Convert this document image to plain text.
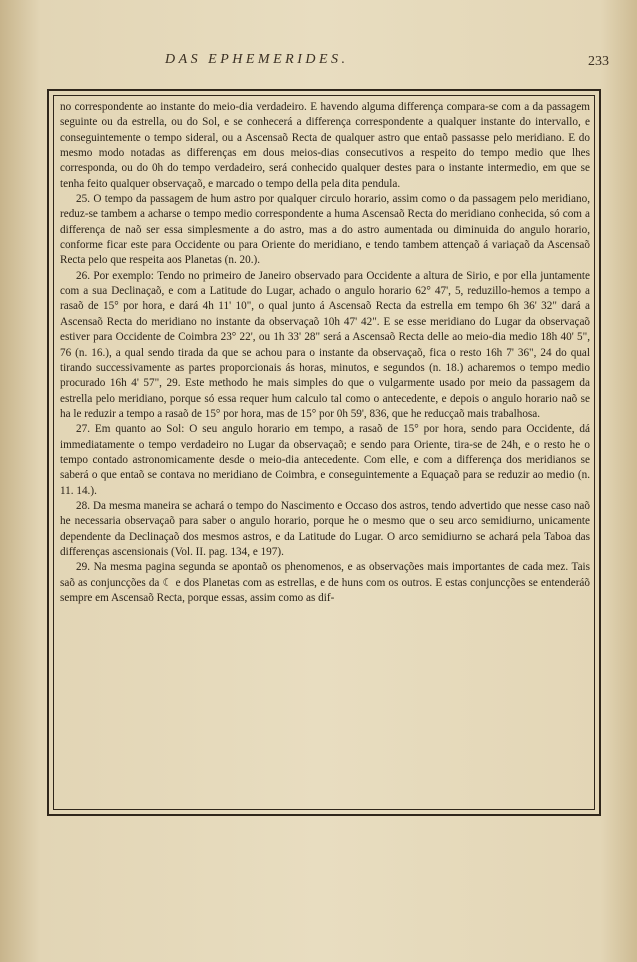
DAS EPHEMERIDES.	233

no correspondente ao instante do meio-dia verdadeiro. E havendo alguma differença compara-se com a da passagem seguinte ou da estrella, ou do Sol, e se conhecerá a differença correspondente a qualquer instante do intervallo, e conseguintemente o tempo sideral, ou a Ascensaõ Recta de qualquer astro que entaõ passasse pelo meridiano. E do mesmo modo notadas as differenças em dous meios-dias consecutivos a respeito do tempo medio que lhes corresponda, ou do 0h do tempo verdadeiro, será conhecido qualquer destes para o instante intermedio, em que se tenha feito qualquer observaçaõ, e marcado o tempo della pela dita pendula.

25. O tempo da passagem de hum astro por qualquer circulo horario, assim como o da passagem pelo meridiano, reduz-se tambem a acharse o tempo medio correspondente a huma Ascensaõ Recta do meridiano conhecida, só com a differença de naõ ser essa simplesmente a do astro, mas a do astro aumentada ou diminuida do angulo horario, conforme ficar este para Occidente ou para Oriente do meridiano, e tendo tambem attençaõ á variaçaõ da Ascensaõ Recta pelo que respeita aos Planetas (n. 20.).

26. Por exemplo: Tendo no primeiro de Janeiro observado para Occidente a altura de Sirio, e por ella juntamente com a sua Declinaçaõ, e com a Latitude do Lugar, achado o angulo horario 62° 47', 5, reduzillo-hemos a tempo a rasaõ de 15° por hora, e dará 4h 11' 10", o qual junto á Ascensaõ Recta da estrella em tempo 6h 36' 32" dará a Ascensaõ Recta do meridiano no instante da observaçaõ 10h 47' 42". E se esse meridiano do Lugar da observaçaõ estiver para Occidente de Coimbra 23° 22', ou 1h 33' 28" será a Ascensaõ Recta delle ao meio-dia medio 18h 40' 5", 76 (n. 16.), a qual sendo tirada da que se achou para o instante da observaçaõ, fica o resto 16h 7' 36", 24 do qual tirando successivamente as partes proporcionais ás horas, minutos, e segundos (n. 18.) acharemos o tempo medio procurado 16h 4' 57", 29. Este methodo he mais simples do que o vulgarmente usado por meio da passagem da estrella pelo meridiano, porque só essa requer hum calculo tal como o antecedente, e depois o angulo horario naõ se ha le reduzir a tempo a rasaõ de 15° por hora, mas de 15° por 0h 59', 836, que he reducçaõ mais trabalhosa.

27. Em quanto ao Sol: O seu angulo horario em tempo, a rasaõ de 15° por hora, sendo para Occidente, dá immediatamente o tempo verdadeiro no Lugar da observaçaõ; e sendo para Oriente, tira-se de 24h, e o resto he o tempo contado astronomicamente desde o meio-dia antecedente. Com elle, e com a differença dos meridianos se saberá o que entaõ se contava no meridiano de Coimbra, e conseguintemente a Equaçaõ para se reduzir ao medio (n. 11. 14.).

28. Da mesma maneira se achará o tempo do Nascimento e Occaso dos astros, tendo advertido que nesse caso naõ he necessaria observaçaõ para saber o angulo horario, porque he o mesmo que o seu arco semidiurno, unicamente dependente da Declinaçaõ dos mesmos astros, e da Latitude do Lugar. O arco semidiurno se achará pela Taboa das differenças ascensionais (Vol. II. pag. 134, e 197).

29. Na mesma pagina segunda se apontaõ os phenomenos, e as observações mais importantes de cada mez. Tais saõ as conjuncções da ☾ e dos Planetas com as estrellas, e de huns com os outros. E estas conjuncções se entenderáõ sempre em Ascensaõ Recta, porque essas, assim como as dif-
